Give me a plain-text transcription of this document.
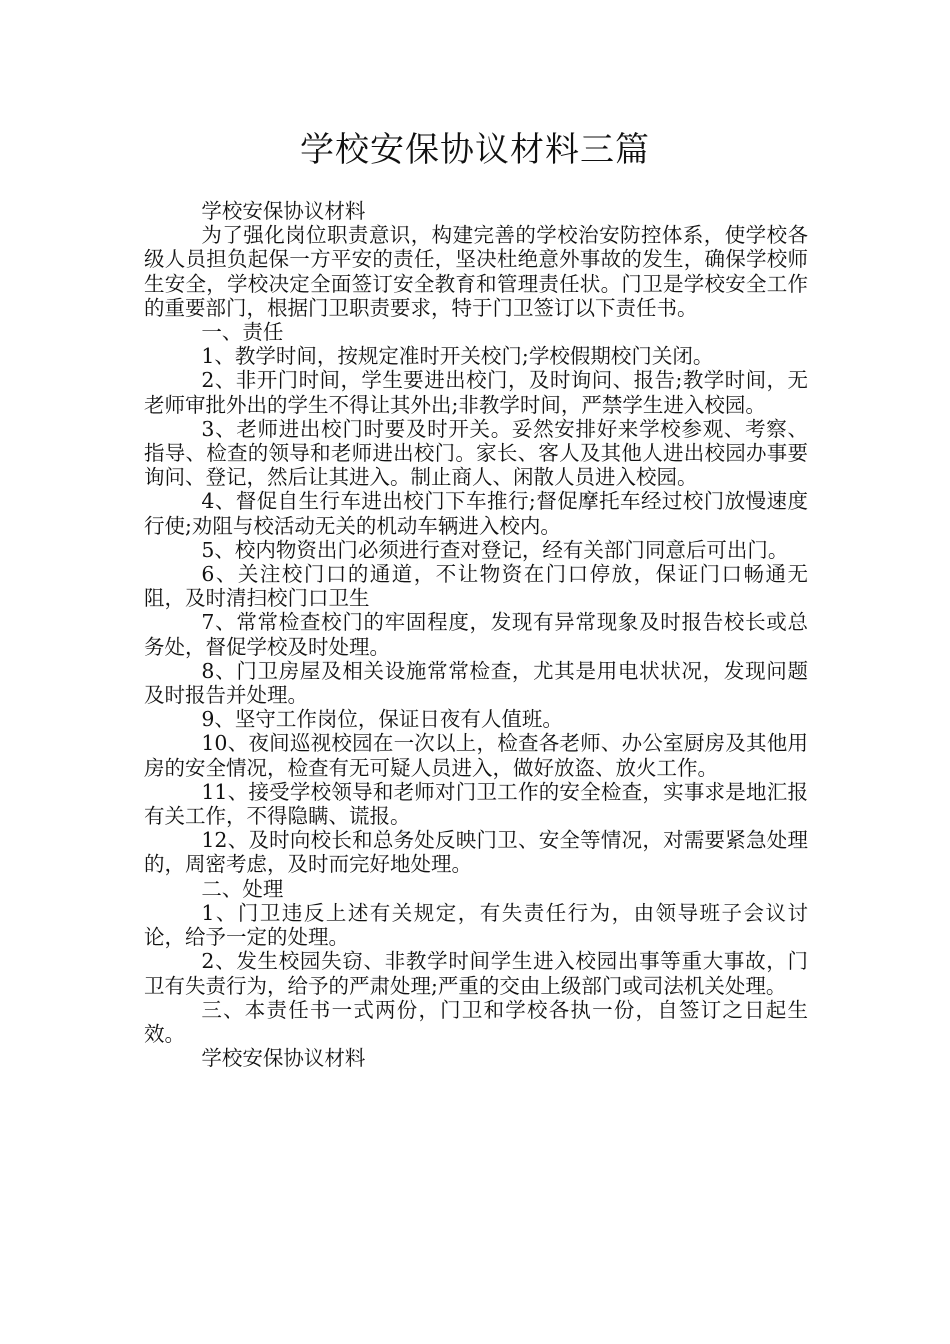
学校安保协议材料三篇

学校安保协议材料

为了强化岗位职责意识，构建完善的学校治安防控体系，使学校各级人员担负起保一方平安的责任，坚决杜绝意外事故的发生，确保学校师生安全，学校决定全面签订安全教育和管理责任状。门卫是学校安全工作的重要部门，根据门卫职责要求，特于门卫签订以下责任书。

一、责任

1、教学时间，按规定准时开关校门;学校假期校门关闭。

2、非开门时间，学生要进出校门，及时询问、报告;教学时间，无老师审批外出的学生不得让其外出;非教学时间，严禁学生进入校园。

3、老师进出校门时要及时开关。妥然安排好来学校参观、考察、指导、检查的领导和老师进出校门。家长、客人及其他人进出校园办事要询问、登记，然后让其进入。制止商人、闲散人员进入校园。

4、督促自生行车进出校门下车推行;督促摩托车经过校门放慢速度行使;劝阻与校活动无关的机动车辆进入校内。

5、校内物资出门必须进行查对登记，经有关部门同意后可出门。

6、关注校门口的通道，不让物资在门口停放，保证门口畅通无阻，及时清扫校门口卫生

7、常常检查校门的牢固程度，发现有异常现象及时报告校长或总务处，督促学校及时处理。

8、门卫房屋及相关设施常常检查，尤其是用电状状况，发现问题及时报告并处理。

9、坚守工作岗位，保证日夜有人值班。

10、夜间巡视校园在一次以上，检查各老师、办公室厨房及其他用房的安全情况，检查有无可疑人员进入，做好放盗、放火工作。

11、接受学校领导和老师对门卫工作的安全检查，实事求是地汇报有关工作，不得隐瞒、谎报。

12、及时向校长和总务处反映门卫、安全等情况，对需要紧急处理的，周密考虑，及时而完好地处理。

二、处理

1、门卫违反上述有关规定，有失责任行为，由领导班子会议讨论，给予一定的处理。

2、发生校园失窃、非教学时间学生进入校园出事等重大事故，门卫有失责行为，给予的严肃处理;严重的交由上级部门或司法机关处理。

三、本责任书一式两份，门卫和学校各执一份，自签订之日起生效。

学校安保协议材料
